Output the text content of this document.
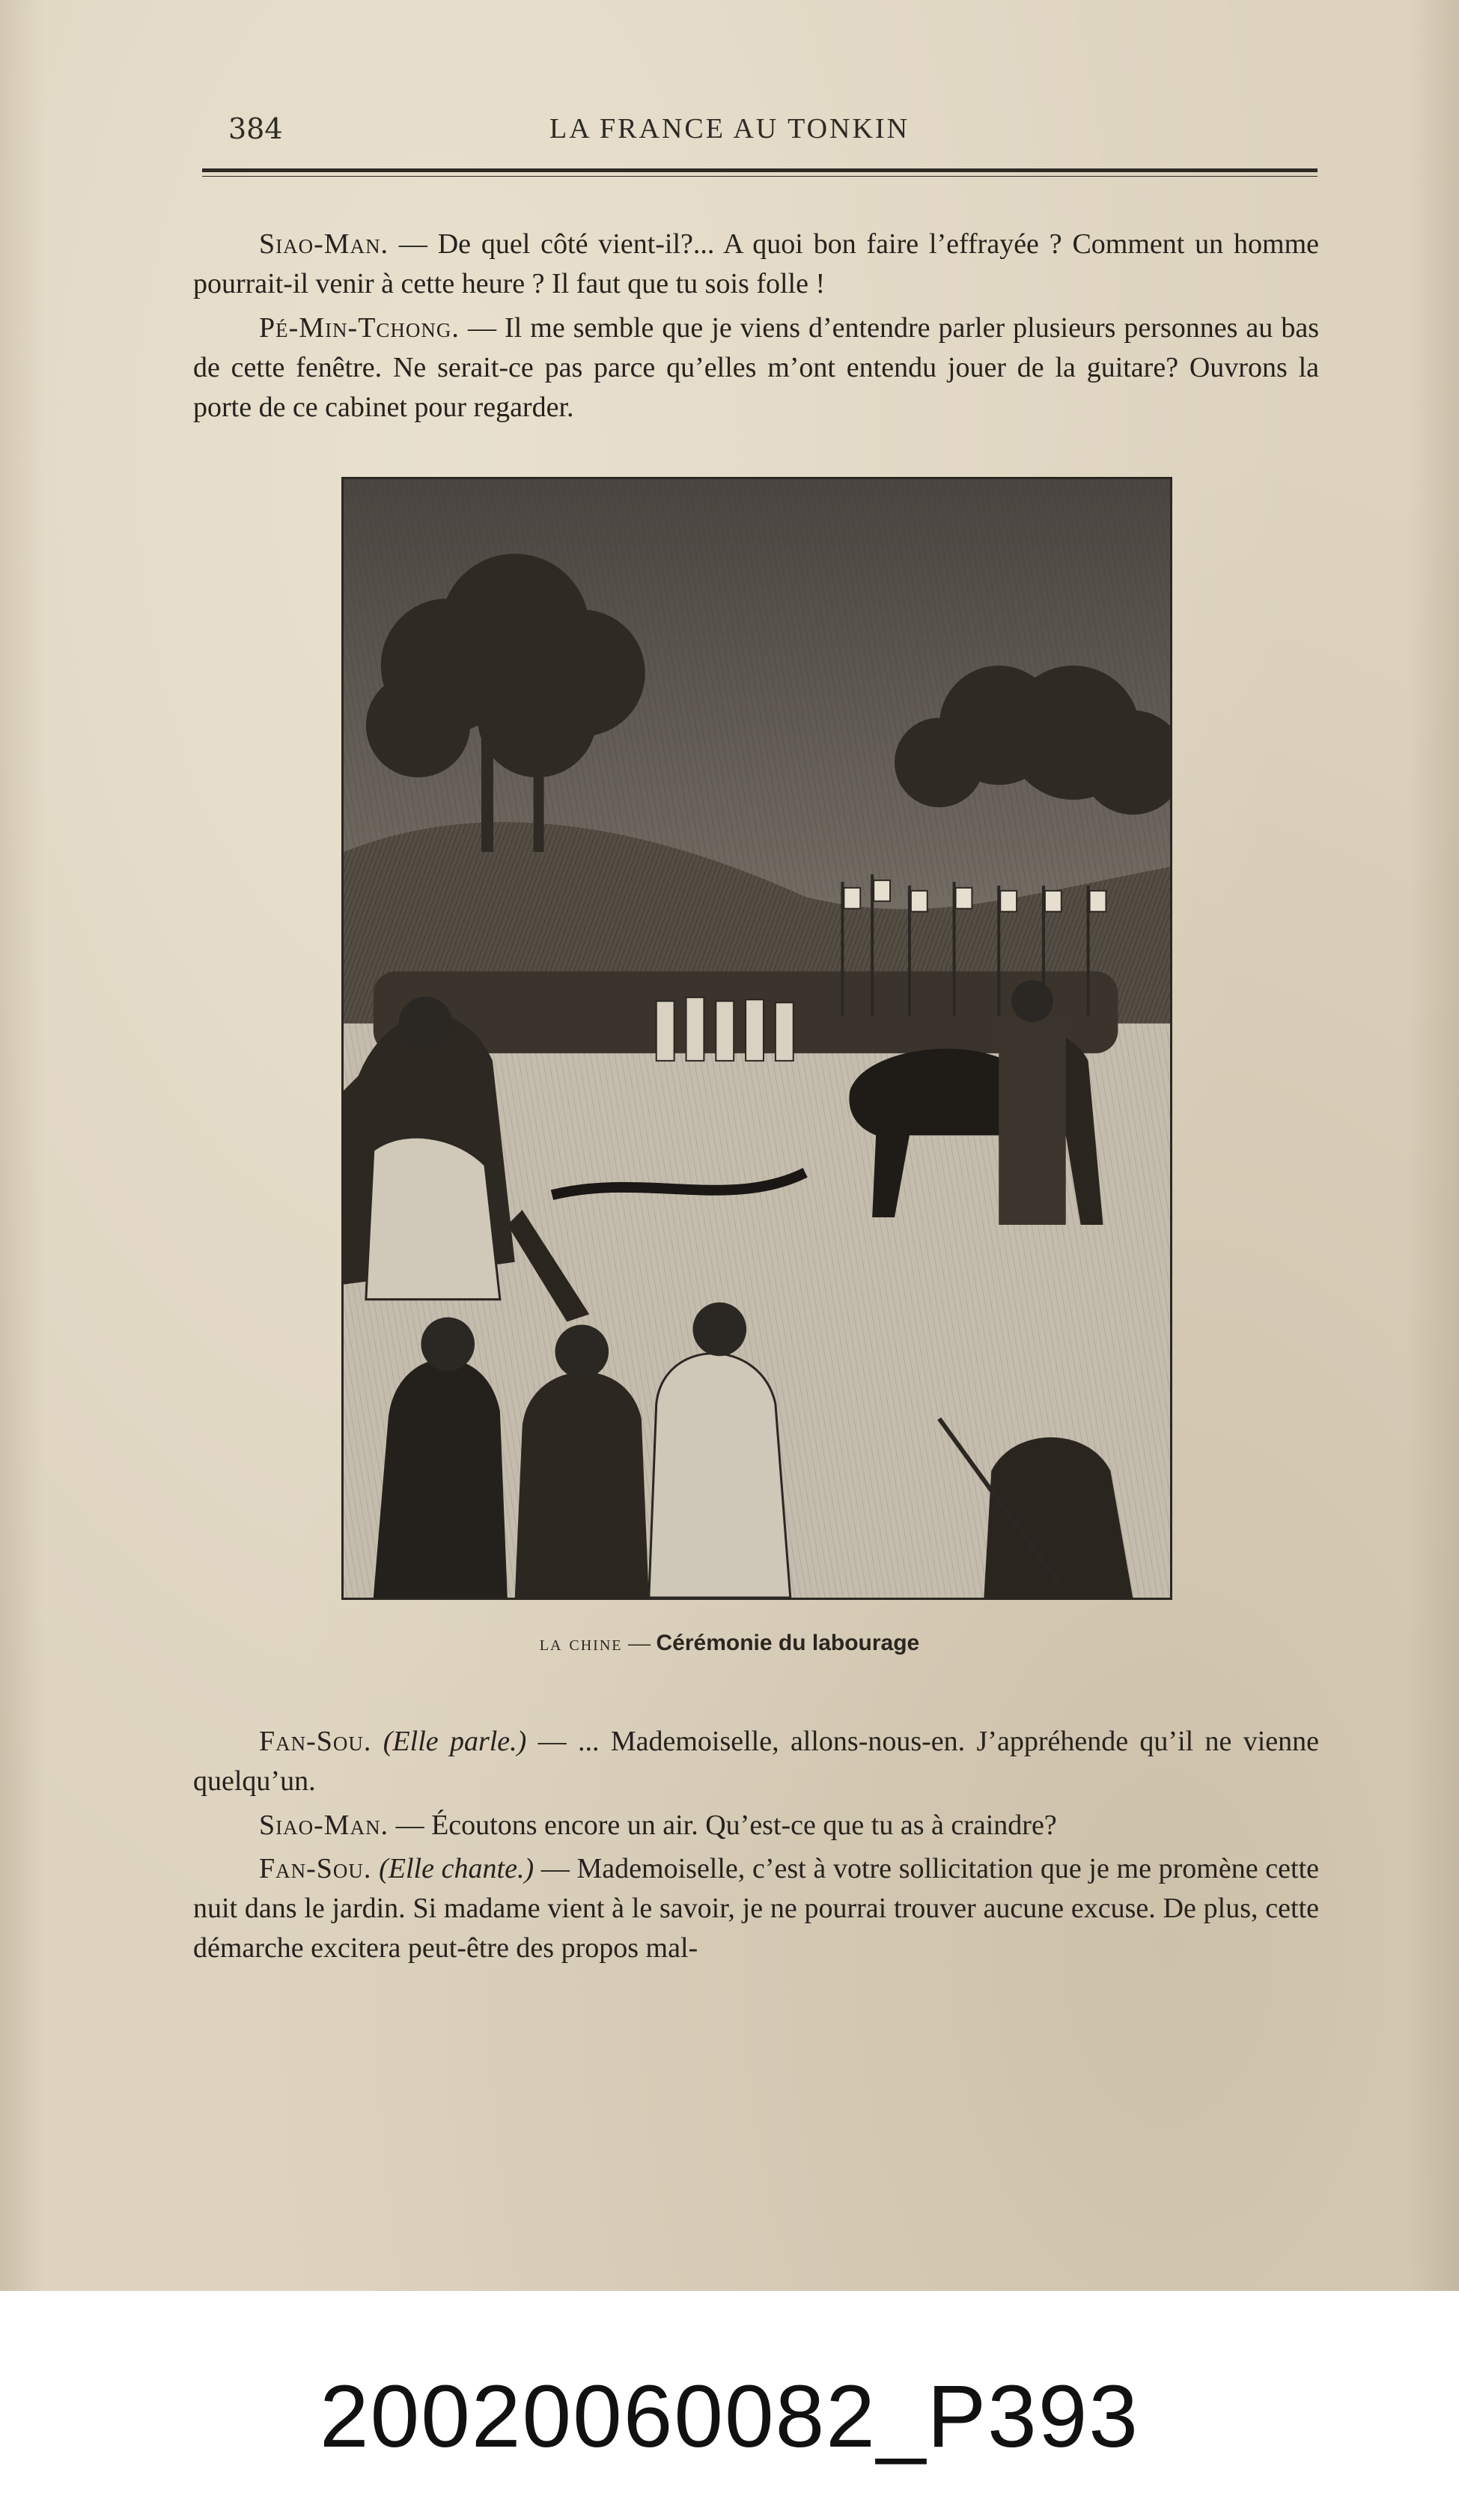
384	LA FRANCE AU TONKIN

Siao-Man. — De quel côté vient-il?... A quoi bon faire l’effrayée ? Comment un homme pourrait-il venir à cette heure ? Il faut que tu sois folle !

Pé-Min-Tchong. — Il me semble que je viens d’entendre parler plusieurs personnes au bas de cette fenêtre. Ne serait-ce pas parce qu’elles m’ont entendu jouer de la guitare? Ouvrons la porte de ce cabinet pour regarder.

la chine — Cérémonie du labourage

Fan-Sou. (Elle parle.) — ... Mademoiselle, allons-nous-en. J’appréhende qu’il ne vienne quelqu’un.

Siao-Man. — Écoutons encore un air. Qu’est-ce que tu as à craindre?

Fan-Sou. (Elle chante.) — Mademoiselle, c’est à votre sollicitation que je me promène cette nuit dans le jardin. Si madame vient à le savoir, je ne pourrai trouver aucune excuse. De plus, cette démarche excitera peut-être des propos mal-

20020060082_P393
